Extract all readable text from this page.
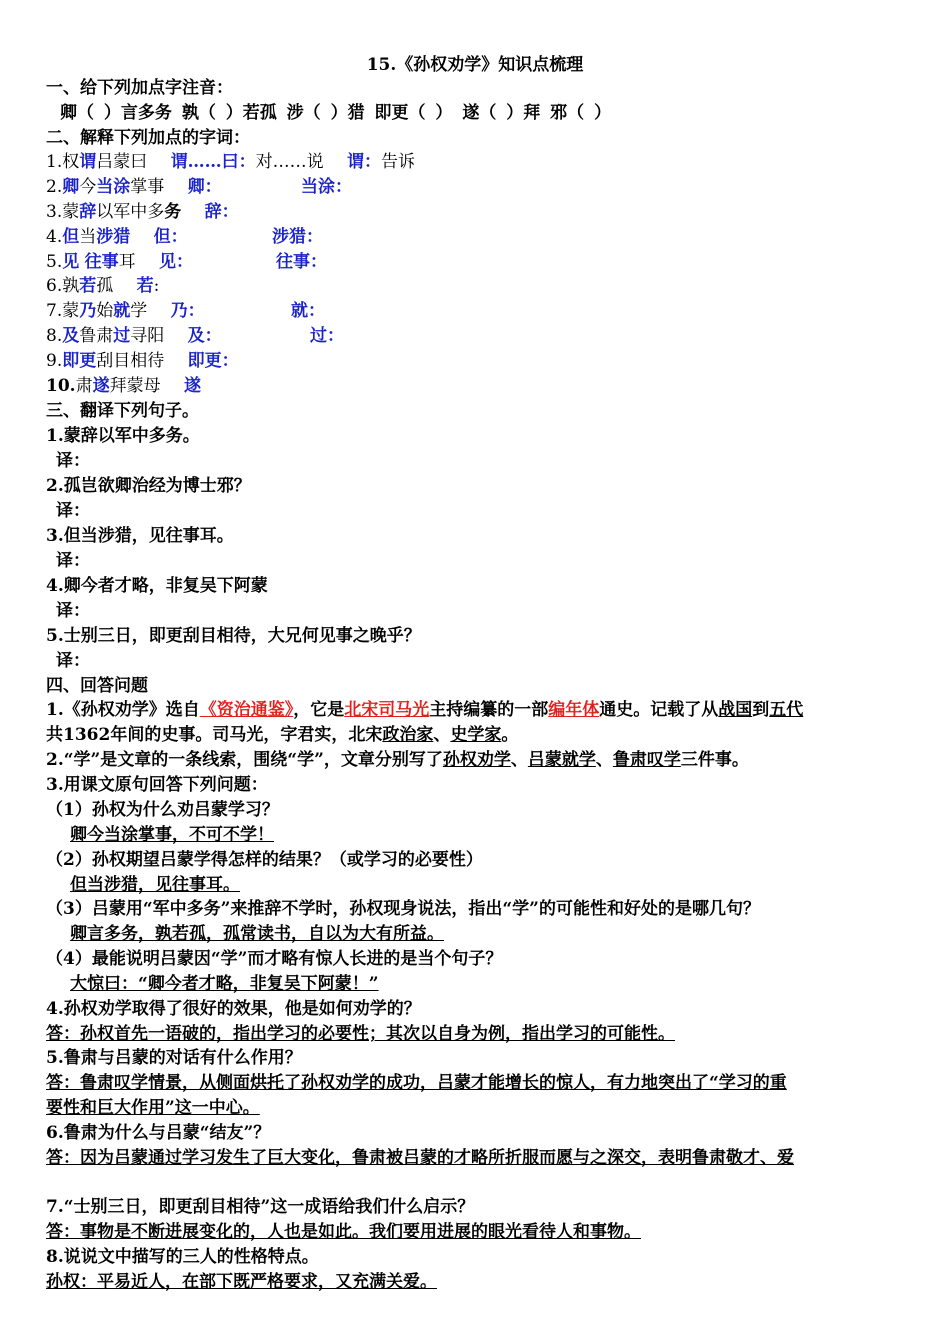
15.《孙权劝学》知识点梳理
一、给下列加点字注音：
卿（ ）言多务 孰（ ）若孤 涉（ ）猎 即更（ ） 遂（ ）拜 邪（ ）
二、解释下列加点的字词：
1.权谓吕蒙曰 谓……曰：对……说 谓：告诉
2.卿今当涂掌事 卿：	当涂：
3.蒙辞以军中多务 辞：
4.但当涉猎 但：	涉猎：
5.见 往事耳 见：	往事：
6.孰若孤 若:
7.蒙乃始就学 乃：	就：
8.及鲁肃过寻阳 及：	过：
9.即更刮目相待 即更：
10.肃遂拜蒙母 遂
三、翻译下列句子。
1.蒙辞以军中多务。
译：
2.孤岂欲卿治经为博士邪？
译：
3.但当涉猎，见往事耳。
译：
4.卿今者才略，非复吴下阿蒙
译：
5.士别三日，即更刮目相待，大兄何见事之晚乎？
译：
四、回答问题
1.《孙权劝学》选自《资治通鉴》，它是北宋司马光主持编纂的一部编年体通史。记载了从战国到五代
共1362年间的史事。司马光，字君实，北宋政治家、史学家。
2.“学”是文章的一条线索，围绕“学”，文章分别写了孙权劝学、吕蒙就学、鲁肃叹学三件事。
3.用课文原句回答下列问题：
（1）孙权为什么劝吕蒙学习？
卿今当涂掌事，不可不学！
（2）孙权期望吕蒙学得怎样的结果？（或学习的必要性）
但当涉猎，见往事耳。
（3）吕蒙用“军中多务”来推辞不学时，孙权现身说法，指出“学”的可能性和好处的是哪几句？
卿言多务，孰若孤，孤常读书，自以为大有所益。
（4）最能说明吕蒙因“学”而才略有惊人长进的是当个句子？
大惊曰：“卿今者才略，非复吴下阿蒙！”
4.孙权劝学取得了很好的效果，他是如何劝学的？
答：孙权首先一语破的，指出学习的必要性；其次以自身为例，指出学习的可能性。
5.鲁肃与吕蒙的对话有什么作用？
答：鲁肃叹学情景，从侧面烘托了孙权劝学的成功，吕蒙才能增长的惊人，有力地突出了“学习的重
要性和巨大作用”这一中心。
6.鲁肃为什么与吕蒙“结友”？
答：因为吕蒙通过学习发生了巨大变化，鲁肃被吕蒙的才略所折服而愿与之深交，表明鲁肃敬才、爱
7.“士别三日，即更刮目相待”这一成语给我们什么启示？
答：事物是不断进展变化的，人也是如此。我们要用进展的眼光看待人和事物。
8.说说文中描写的三人的性格特点。
孙权：平易近人，在部下既严格要求，又充满关爱。
